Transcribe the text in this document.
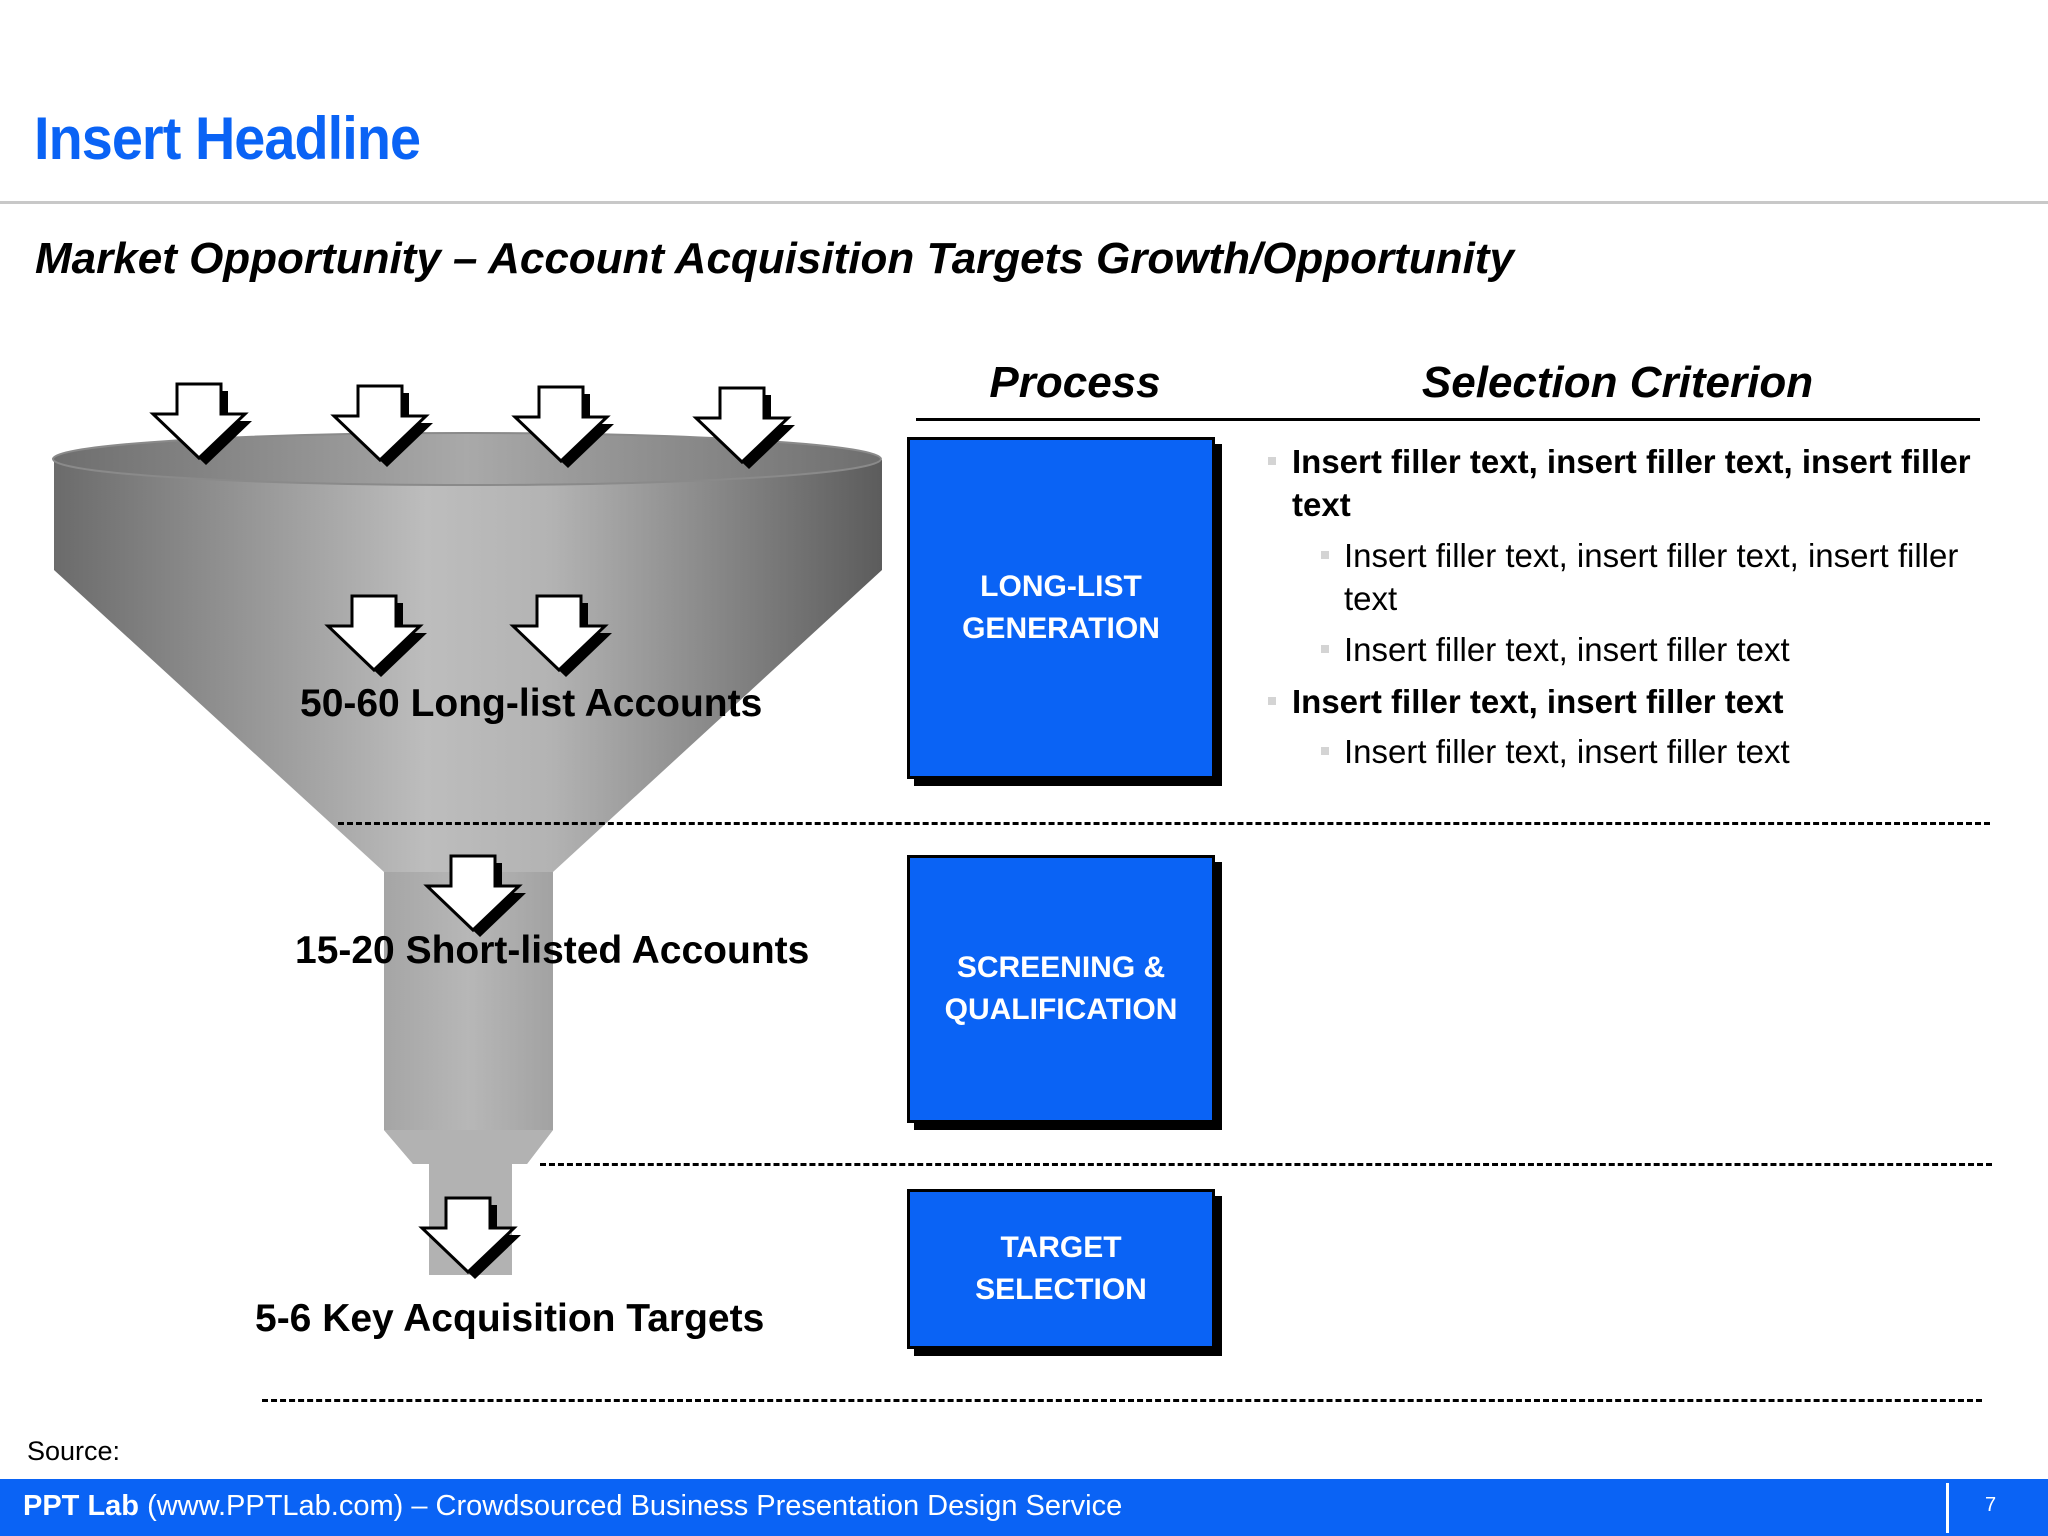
Insert Headline
Market Opportunity – Account Acquisition Targets Growth/Opportunity
50-60 Long-list Accounts
15-20 Short-listed Accounts
5-6 Key Acquisition Targets
Process	Selection Criterion
LONG-LIST GENERATION
SCREENING & QUALIFICATION
TARGET SELECTION
Insert filler text, insert filler text, insert filler text
Insert filler text, insert filler text, insert filler text
Insert filler text, insert filler text
Insert filler text, insert filler text
Insert filler text, insert filler text
Source:
PPT Lab (www.PPTLab.com) – Crowdsourced Business Presentation Design Service	7
